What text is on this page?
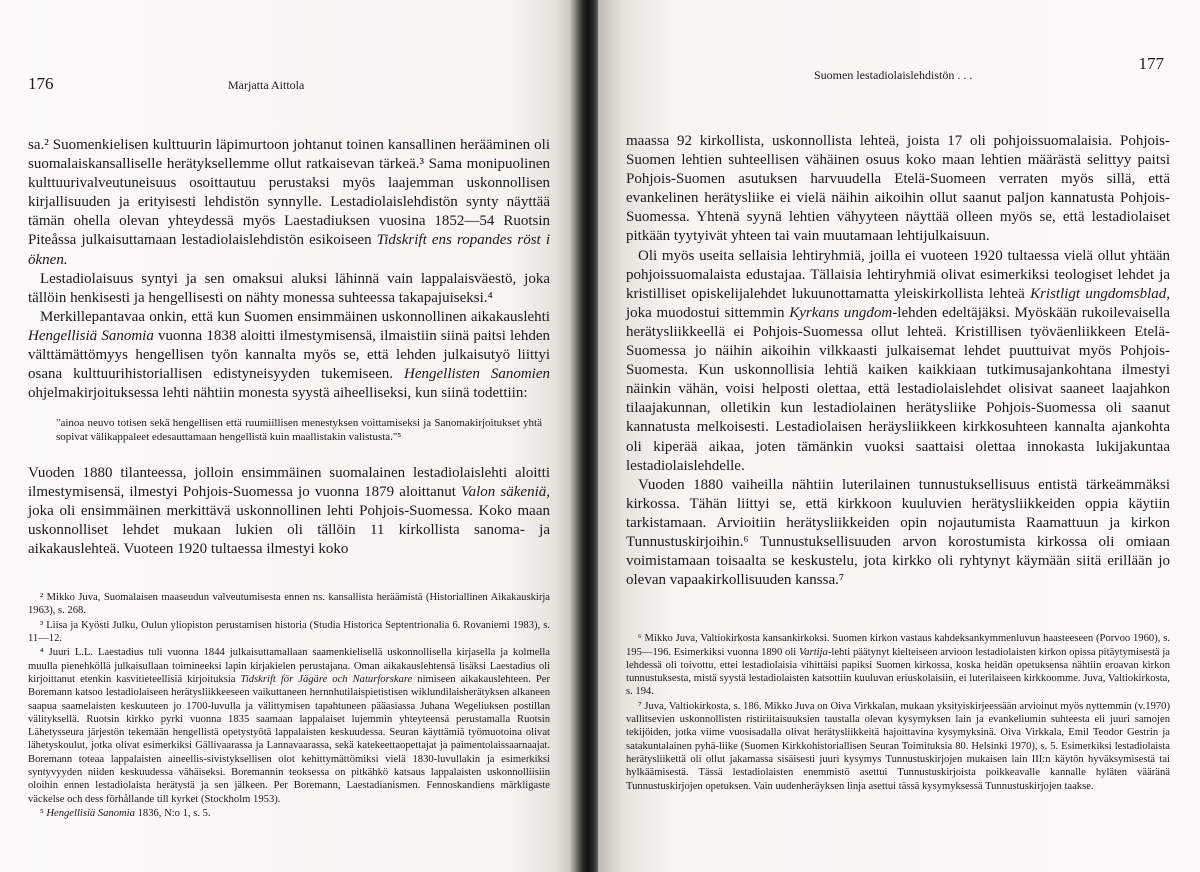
176	Marjatta Aittola
sa.² Suomenkielisen kulttuurin läpimurtoon johtanut toinen kansallinen herääminen oli suomalaiskansalliselle herätyksellemme ollut ratkaisevan tärkeä.³ Sama monipuolinen kulttuurivalveutuneisuus osoittautuu perustaksi myös laajemman uskonnollisen kirjallisuuden ja erityisesti lehdistön synnylle. Lestadiolaislehdistön synty näyttää tämän ohella olevan yhteydessä myös Laestadiuksen vuosina 1852—54 Ruotsin Piteåssa julkaisuttamaan lestadiolaislehdistön esikoiseen Tidskrift ens ropandes röst i öknen.
Lestadiolaisuus syntyi ja sen omaksui aluksi lähinnä vain lappalaisväestö, joka tällöin henkisesti ja hengellisesti on nähty monessa suhteessa takapajuiseksi.⁴
Merkillepantavaa onkin, että kun Suomen ensimmäinen uskonnollinen aikakauslehti Hengellisiä Sanomia vuonna 1838 aloitti ilmestymisensä, ilmaistiin siinä paitsi lehden välttämättömyys hengellisen työn kannalta myös se, että lehden julkaisutyö liittyi osana kulttuurihistoriallisen edistyneisyyden tukemiseen. Hengellisten Sanomien ohjelmakirjoituksessa lehti nähtiin monesta syystä aiheelliseksi, kun siinä todettiin:
"ainoa neuvo totisen sekä hengellisen että ruumiillisen menestyksen voittamiseksi ja Sanomakirjoitukset yhtä sopivat välikappaleet edesauttamaan hengellistä kuin maallistakin valistusta."⁵
Vuoden 1880 tilanteessa, jolloin ensimmäinen suomalainen lestadiolaislehti aloitti ilmestymisensä, ilmestyi Pohjois-Suomessa jo vuonna 1879 aloittanut Valon säkeniä, joka oli ensimmäinen merkittävä uskonnollinen lehti Pohjois-Suomessa. Koko maan uskonnolliset lehdet mukaan lukien oli tällöin 11 kirkollista sanoma- ja aikakauslehteä. Vuoteen 1920 tultaessa ilmestyi koko
² Mikko Juva, Suomalaisen maaseudun valveutumisesta ennen ns. kansallista heräämistä (Historiallinen Aikakauskirja 1963), s. 268.
³ Liisa ja Kyösti Julku, Oulun yliopiston perustamisen historia (Studia Historica Septentrionalia 6. Rovaniemi 1983), s. 11—12.
⁴ Juuri L.L. Laestadius tuli vuonna 1844 julkaisuttamallaan saamenkielisellä uskonnollisella kirjasella ja kolmella muulla pienehköllä julkaisullaan toimineeksi lapin kirjakielen perustajana. Oman aikakauslehtensä lisäksi Laestadius oli kirjoittanut etenkin kasvitieteellisiä kirjoituksia Tidskrift för Jägäre och Naturforskare nimiseen aikakauslehteen. Per Boremann katsoo lestadiolaiseen herätysliikkeeseen vaikuttaneen hernnhutilaispietistisen wiklundilaisherätyksen alkaneen saapua saamelaisten keskuuteen jo 1700-luvulla ja välittymisen tapahtuneen pääasiassa Juhana Wegeliuksen postillan välityksellä. Ruotsin kirkko pyrki vuonna 1835 saamaan lappalaiset lujemmin yhteyteensä perustamalla Ruotsin Lähetysseura järjestön tekemään hengellistä opetystyötä lappalaisten keskuudessa. Seuran käyttämiä työmuotoina olivat lähetyskoulut, jotka olivat esimerkiksi Gällivaarassa ja Lannavaarassa, sekä katekeettaopettajat ja paimentolaissaarnaajat. Boremann toteaa lappalaisten aineellis-sivistyksellisen olot kehittymättömiksi vielä 1830-luvullakin ja esimerkiksi syntyvyyden niiden keskuudessa vähäiseksi. Boremannin teoksessa on pitkähkö katsaus lappalaisten uskonnolliisiin oloihin ennen lestadiolaista herätystä ja sen jälkeen. Per Boremann, Laestadianismen. Fennoskandiens märkligaste väckelse och dess förhållande till kyrket (Stockholm 1953).
⁵ Hengellisiä Sanomia 1836, N:o 1, s. 5.
Suomen lestadiolaislehdistön . . .
177
maassa 92 kirkollista, uskonnollista lehteä, joista 17 oli pohjoissuomalaisia. Pohjois-Suomen lehtien suhteellisen vähäinen osuus koko maan lehtien määrästä selittyy paitsi Pohjois-Suomen asutuksen harvuudella Etelä-Suomeen verraten myös sillä, että evankelinen herätysliike ei vielä näihin aikoihin ollut saanut paljon kannatusta Pohjois-Suomessa. Yhtenä syynä lehtien vähyyteen näyttää olleen myös se, että lestadiolaiset pitkään tyytyivät yhteen tai vain muutamaan lehtijulkaisuun.
Oli myös useita sellaisia lehtiryhmiä, joilla ei vuoteen 1920 tultaessa vielä ollut yhtään pohjoissuomalaista edustajaa. Tällaisia lehtiryhmiä olivat esimerkiksi teologiset lehdet ja kristilliset opiskelijalehdet lukuunottamatta yleiskirkollista lehteä Kristligt ungdomsblad, joka muodostui sittemmin Kyrkans ungdom-lehden edeltäjäksi. Myöskään rukoilevaisella herätysliikkeellä ei Pohjois-Suomessa ollut lehteä. Kristillisen työväenliikkeen Etelä-Suomessa jo näihin aikoihin vilkkaasti julkaisemat lehdet puuttuivat myös Pohjois-Suomesta. Kun uskonnollisia lehtiä kaiken kaikkiaan tutkimusajankohtana ilmestyi näinkin vähän, voisi helposti olettaa, että lestadiolaislehdet olisivat saaneet laajahkon tilaajakunnan, olletikin kun lestadiolainen herätysliike Pohjois-Suomessa oli saanut kannatusta melkoisesti. Lestadiolaisen heräysliikkeen kirkkosuhteen kannalta ajankohta oli kiperää aikaa, joten tämänkin vuoksi saattaisi olettaa innokasta lukijakuntaa lestadiolaislehdelle.
Vuoden 1880 vaiheilla nähtiin luterilainen tunnustuksellisuus entistä tärkeämmäksi kirkossa. Tähän liittyi se, että kirkkoon kuuluvien herätysliikkeiden oppia käytiin tarkistamaan. Arvioitiin herätysliikkeiden opin nojautumista Raamattuun ja kirkon Tunnustuskirjoihin.⁶ Tunnustuksellisuuden arvon korostumista kirkossa oli omiaan voimistamaan toisaalta se keskustelu, jota kirkko oli ryhtynyt käymään siitä erillään jo olevan vapaakirkollisuuden kanssa.⁷
⁶ Mikko Juva, Valtiokirkosta kansankirkoksi. Suomen kirkon vastaus kahdeksankymmenluvun haasteeseen (Porvoo 1960), s. 195—196. Esimerkiksi vuonna 1890 oli Vartija-lehti päätynyt kielteiseen arvioon lestadiolaisten kirkon opissa pitäytymisestä ja lehdessä oli toivottu, ettei lestadiolaisia vihittäisi papiksi Suomen kirkossa, koska heidän opetuksensa nähtiin eroavan kirkon tunnustuksesta, mistä syystä lestadiolaisten katsottiin kuuluvan eriuskolaisiin, ei luterilaiseen kirkkoomme. Juva, Valtiokirkosta, s. 194.
⁷ Juva, Valtiokirkosta, s. 186. Mikko Juva on Oiva Virkkalan, mukaan yksityiskirjeessään arvioinut myös nyttemmin (v.1970) vallitsevien uskonnollisten ristiriitaisuuksien taustalla olevan kysymyksen lain ja evankeliumin suhteesta eli juuri samojen tekijöiden, jotka viime vuosisadalla olivat herätysliikkeitä hajoittavina kysymyksinä. Oiva Virkkala, Emil Teodor Gestrin ja satakuntalainen pyhä-liike (Suomen Kirkkohistoriallisen Seuran Toimituksia 80. Helsinki 1970), s. 5. Esimerkiksi lestadiolaista herätysliikettä oli ollut jakamassa sisäisesti juuri kysymys Tunnustuskirjojen mukaisen lain III:n käytön hyväksymisestä tai hylkäämisestä. Tässä lestadiolaisten enemmistö asettui Tunnustuskirjoista poikkeavalle kannalle hyläten vääränä Tunnustuskirjojen opetuksen. Vain uudenheräyksen linja asettui tässä kysymyksessä Tunnustuskirjojen taakse.
